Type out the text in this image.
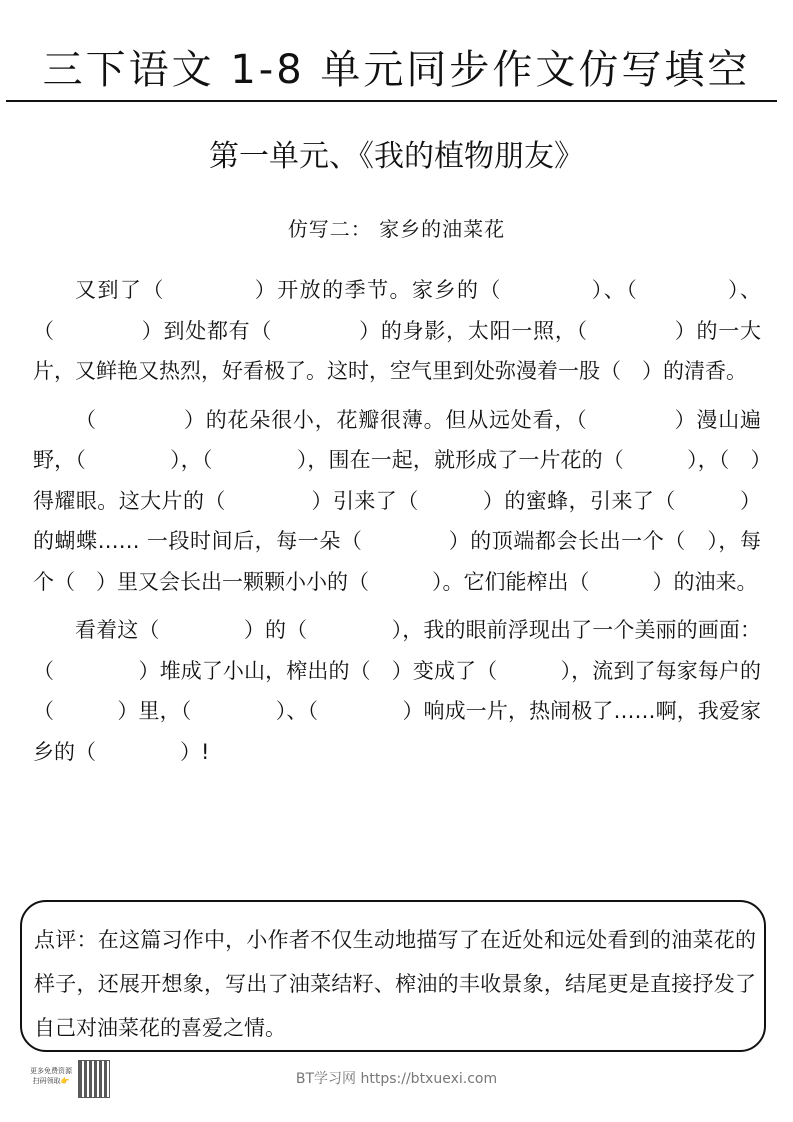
三下语文 1-8 单元同步作文仿写填空
第一单元、《我的植物朋友》
仿写二： 家乡的油菜花

又到了（　　　　）开放的季节。家乡的（　　　　）、（　　　　）、（　　　　）到处都有（　　　　）的身影，太阳一照，（　　　　）的一大片，又鲜艳又热烈，好看极了。这时，空气里到处弥漫着一股（　）的清香。

（　　　　）的花朵很小，花瓣很薄。但从远处看，（　　　　）漫山遍野，（　　　　），（　　　　），围在一起，就形成了一片花的（　　　），（　）得耀眼。这大片的（　　　　）引来了（　　　）的蜜蜂，引来了（　　　）的蝴蝶…… 一段时间后，每一朵（　　　　）的顶端都会长出一个（　），每个（　）里又会长出一颗颗小小的（　　　）。它们能榨出（　　　）的油来。

看着这（　　　　）的（　　　　），我的眼前浮现出了一个美丽的画面：（　　　　）堆成了小山，榨出的（　）变成了（　　　），流到了每家每户的（　　　）里，（　　　　）、（　　　　）响成一片，热闹极了……啊，我爱家乡的（　　　　）!

点评：在这篇习作中，小作者不仅生动地描写了在近处和远处看到的油菜花的样子，还展开想象，写出了油菜结籽、榨油的丰收景象，结尾更是直接抒发了自己对油菜花的喜爱之情。
更多免费资源
扫码领取👉	BT学习网 https://btxuexi.com
